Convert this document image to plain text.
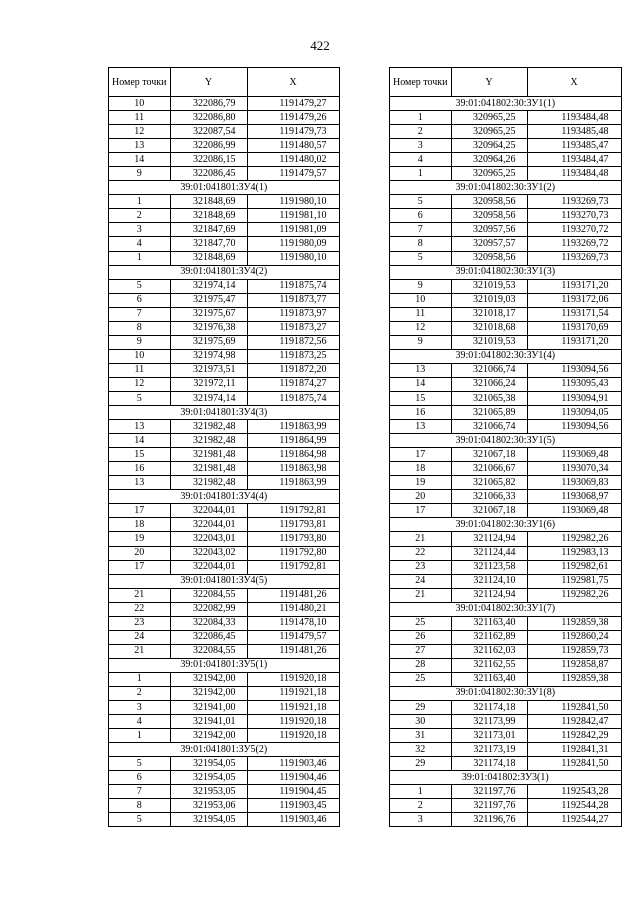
422
Номер точки	Y	X
10	322086,79	1191479,27
11	322086,80	1191479,26
12	322087,54	1191479,73
13	322086,99	1191480,57
14	322086,15	1191480,02
9	322086,45	1191479,57
39:01:041801:ЗУ4(1)		
1	321848,69	1191980,10
2	321848,69	1191981,10
3	321847,69	1191981,09
4	321847,70	1191980,09
1	321848,69	1191980,10
39:01:041801:ЗУ4(2)		
5	321974,14	1191875,74
6	321975,47	1191873,77
7	321975,67	1191873,97
8	321976,38	1191873,27
9	321975,69	1191872,56
10	321974,98	1191873,25
11	321973,51	1191872,20
12	321972,11	1191874,27
5	321974,14	1191875,74
39:01:041801:ЗУ4(3)		
13	321982,48	1191863,99
14	321982,48	1191864,99
15	321981,48	1191864,98
16	321981,48	1191863,98
13	321982,48	1191863,99
39:01:041801:ЗУ4(4)		
17	322044,01	1191792,81
18	322044,01	1191793,81
19	322043,01	1191793,80
20	322043,02	1191792,80
17	322044,01	1191792,81
39:01:041801:ЗУ4(5)		
21	322084,55	1191481,26
22	322082,99	1191480,21
23	322084,33	1191478,10
24	322086,45	1191479,57
21	322084,55	1191481,26
39:01:041801:ЗУ5(1)		
1	321942,00	1191920,18
2	321942,00	1191921,18
3	321941,00	1191921,18
4	321941,01	1191920,18
1	321942,00	1191920,18
39:01:041801:ЗУ5(2)		
5	321954,05	1191903,46
6	321954,05	1191904,46
7	321953,05	1191904,45
8	321953,06	1191903,45
5	321954,05	1191903,46
Номер точки	Y	X
39:01:041802:30:ЗУ1(1)		
1	320965,25	1193484,48
2	320965,25	1193485,48
3	320964,25	1193485,47
4	320964,26	1193484,47
1	320965,25	1193484,48
39:01:041802:30:ЗУ1(2)		
5	320958,56	1193269,73
6	320958,56	1193270,73
7	320957,56	1193270,72
8	320957,57	1193269,72
5	320958,56	1193269,73
39:01:041802:30:ЗУ1(3)		
9	321019,53	1193171,20
10	321019,03	1193172,06
11	321018,17	1193171,54
12	321018,68	1193170,69
9	321019,53	1193171,20
39:01:041802:30:ЗУ1(4)		
13	321066,74	1193094,56
14	321066,24	1193095,43
15	321065,38	1193094,91
16	321065,89	1193094,05
13	321066,74	1193094,56
39:01:041802:30:ЗУ1(5)		
17	321067,18	1193069,48
18	321066,67	1193070,34
19	321065,82	1193069,83
20	321066,33	1193068,97
17	321067,18	1193069,48
39:01:041802:30:ЗУ1(6)		
21	321124,94	1192982,26
22	321124,44	1192983,13
23	321123,58	1192982,61
24	321124,10	1192981,75
21	321124,94	1192982,26
39:01:041802:30:ЗУ1(7)		
25	321163,40	1192859,38
26	321162,89	1192860,24
27	321162,03	1192859,73
28	321162,55	1192858,87
25	321163,40	1192859,38
39:01:041802:30:ЗУ1(8)		
29	321174,18	1192841,50
30	321173,99	1192842,47
31	321173,01	1192842,29
32	321173,19	1192841,31
29	321174,18	1192841,50
39:01:041802:ЗУ3(1)		
1	321197,76	1192543,28
2	321197,76	1192544,28
3	321196,76	1192544,27
